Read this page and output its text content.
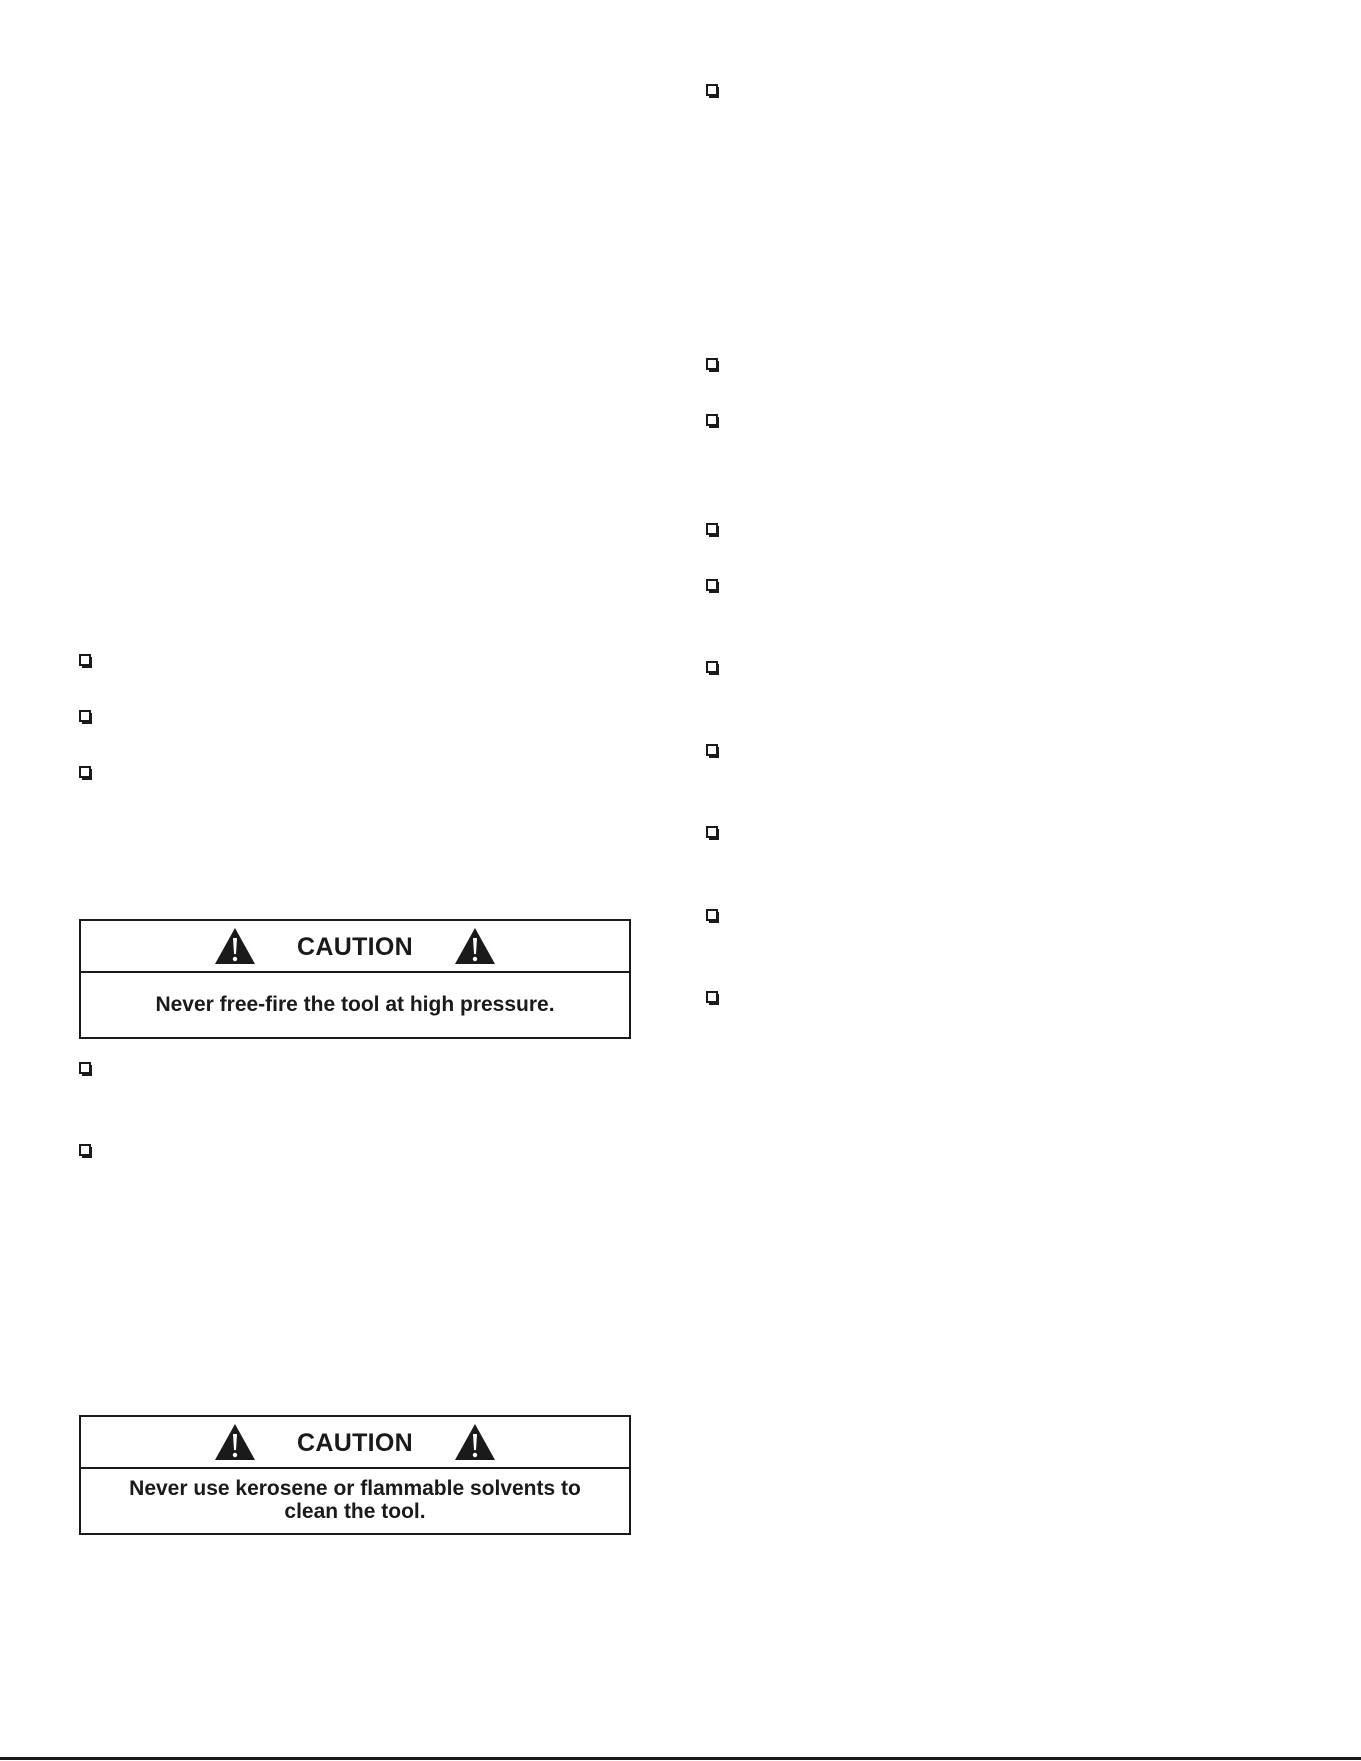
CAUTION
Never free-fire the tool at high pressure.
CAUTION
Never use kerosene or flammable solvents to clean the tool.
